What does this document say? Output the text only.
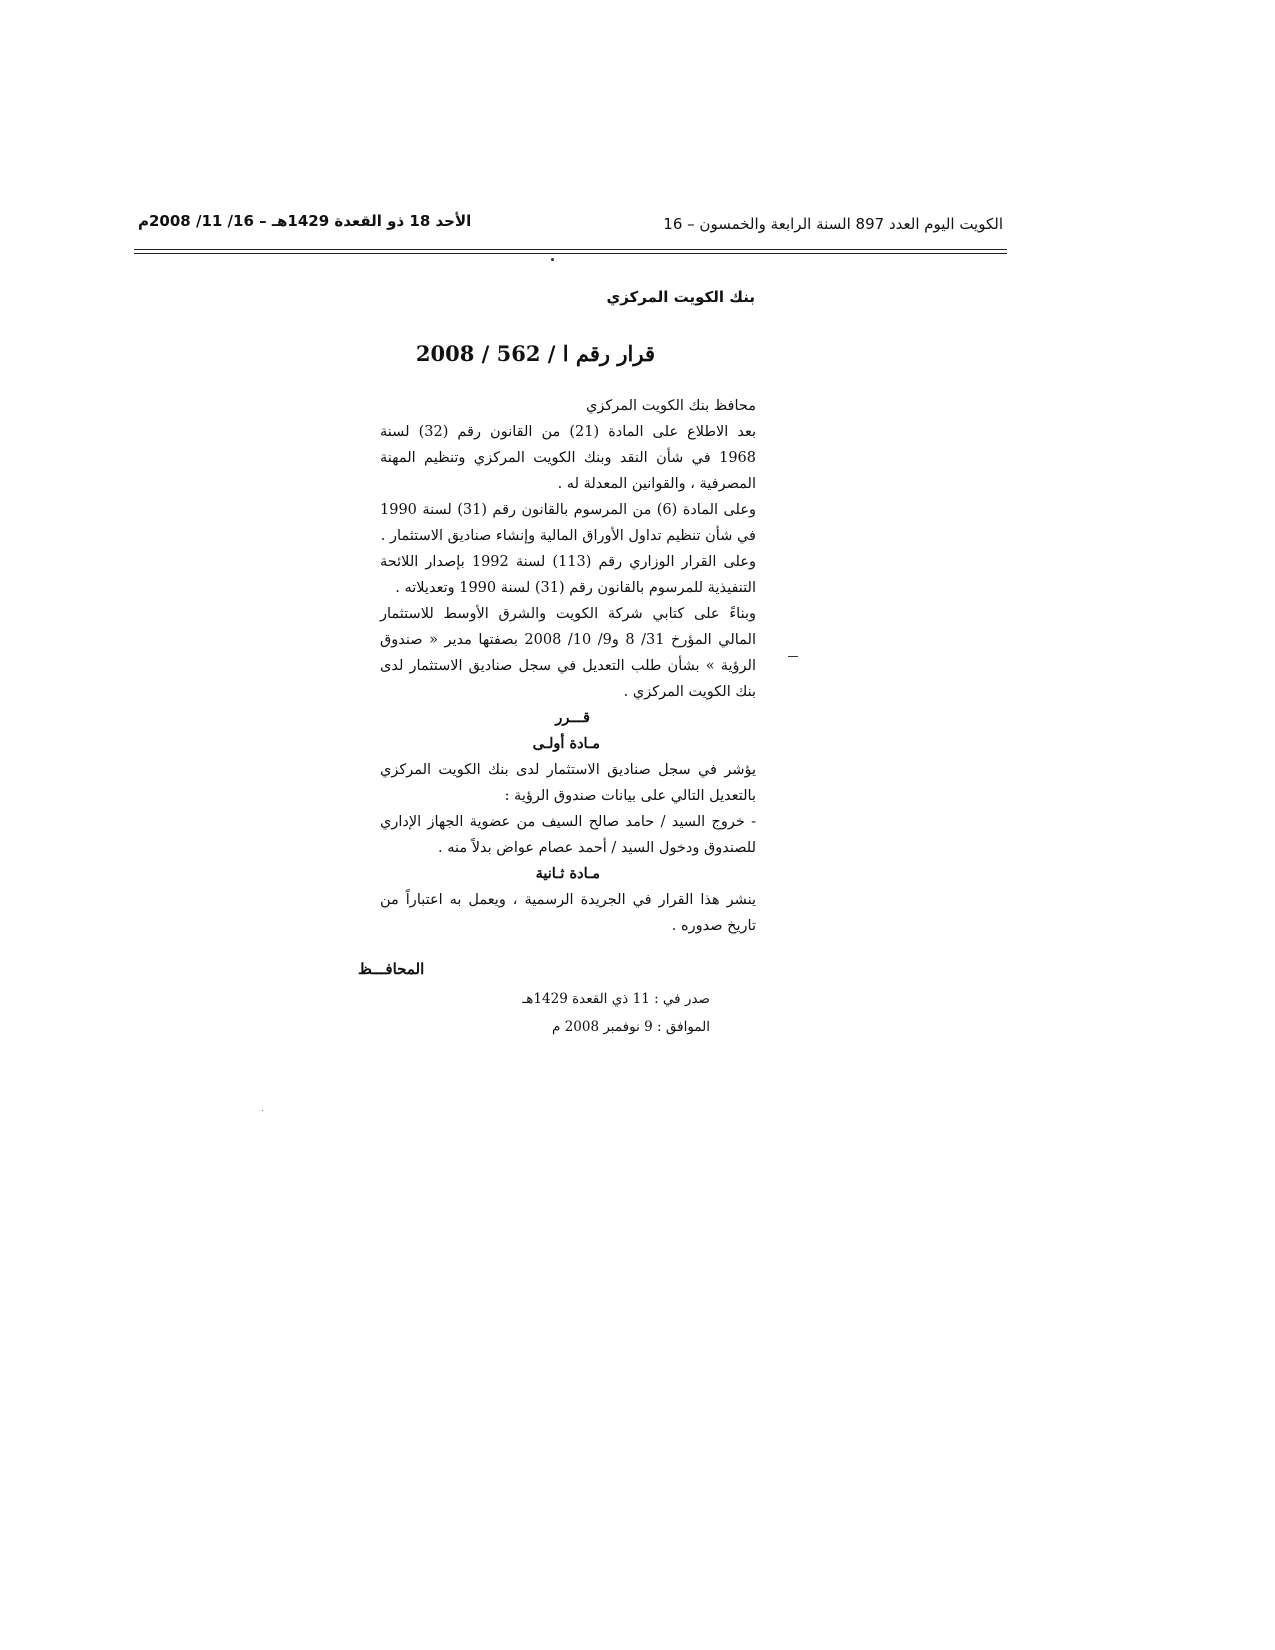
الكويت اليوم العدد 897 السنة الرابعة والخمسون – 16
الأحد 18 ذو القعدة 1429هـ – 16/ 11/ 2008م
بنك الكويت المركزي
قرار رقم ا / 562 / 2008

محافظ بنك الكويت المركزي

بعد الاطلاع على المادة (21) من القانون رقم (32) لسنة 1968 في شأن النقد وبنك الكويت المركزي وتنظيم المهنة المصرفية ، والقوانين المعدلة له .

وعلى المادة (6) من المرسوم بالقانون رقم (31) لسنة 1990 في شأن تنظيم تداول الأوراق المالية وإنشاء صناديق الاستثمار .

وعلى القرار الوزاري رقم (113) لسنة 1992 بإصدار اللائحة التنفيذية للمرسوم بالقانون رقم (31) لسنة 1990 وتعديلاته .

وبناءً على كتابي شركة الكويت والشرق الأوسط للاستثمار المالي المؤرخ 31/ 8 و9/ 10/ 2008 بصفتها مدير « صندوق الرؤية » بشأن طلب التعديل في سجل صناديق الاستثمار لدى بنك الكويت المركزي .

قـــرر

مـادة أولـى

يؤشر في سجل صناديق الاستثمار لدى بنك الكويت المركزي بالتعديل التالي على بيانات صندوق الرؤية :

- خروج السيد / حامد صالح السيف من عضوية الجهاز الإداري للصندوق ودخول السيد / أحمد عصام عواض بدلاً منه .

مـادة ثـانية

ينشر هذا القرار في الجريدة الرسمية ، ويعمل به اعتباراً من تاريخ صدوره .

المحافـــظ
صدر في : 11 ذي القعدة 1429هـ
الموافق : 9 نوفمبر 2008 م
